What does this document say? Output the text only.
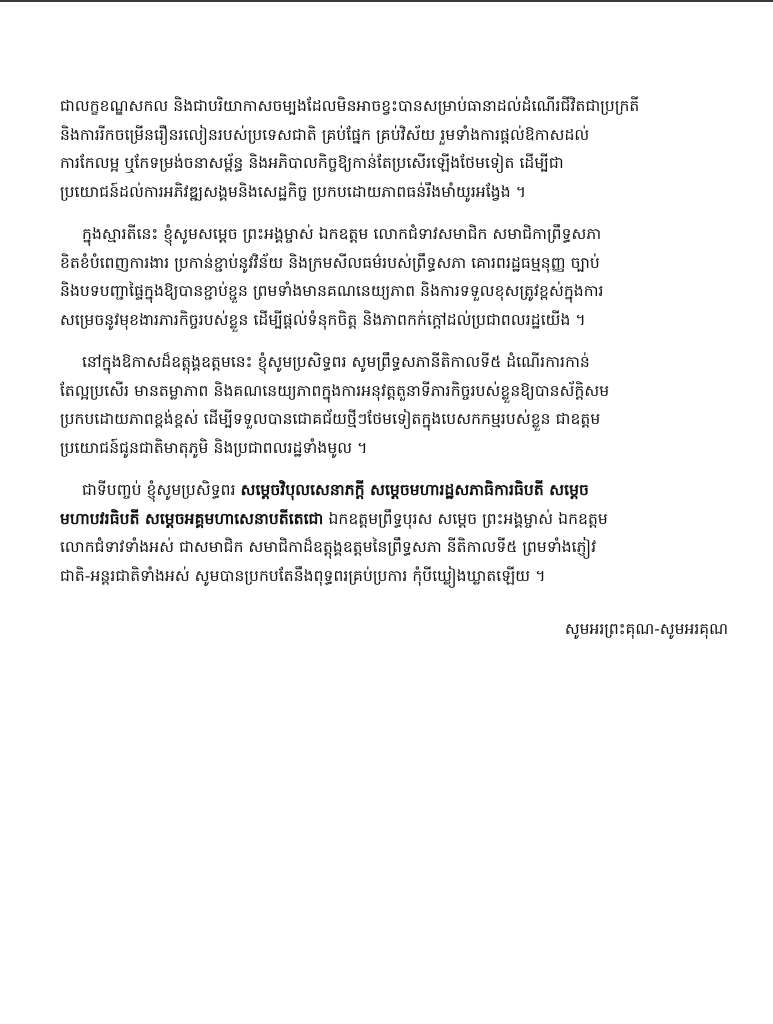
ជាលក្ខខណ្ឌសកល និងជាបរិយាកាសចម្បងដែលមិនអាចខ្វះបានសម្រាប់ធានាដល់ដំណើរជីវិតជាប្រក្រតី
និងការរីកចម្រើនរឿនរលៀនរបស់ប្រទេសជាតិ គ្រប់ផ្នែក គ្រប់វិស័យ រួមទាំងការផ្ដល់ឱកាសដល់
ការកែលម្អ ឬកែទម្រង់ចនាសម្ព័ន្ធ និងអភិបាលកិច្ចឱ្យកាន់តែប្រសើរឡើងថែមទៀត ដើម្បីជា
ប្រយោជន៍ដល់ការអភិវឌ្ឍសង្គមនិងសេដ្ឋកិច្ច ប្រកបដោយភាពធន់រឹងមាំយូរអង្វែង ។

ក្នុងស្មារតីនេះ ខ្ញុំសូមសម្ដេច ព្រះអង្គម្ចាស់ ឯកឧត្តម លោកជំទាវសមាជិក សមាជិកាព្រឹទ្ធសភា
ខិតខំបំពេញការងារ ប្រកាន់ខ្ជាប់នូវវិន័យ និងក្រមសីលធម៌របស់ព្រឹទ្ធសភា គោរពរដ្ឋធម្មនុញ្ញ ច្បាប់
និងបទបញ្ជាផ្ទៃក្នុងឱ្យបានខ្ជាប់ខ្ជួន ព្រមទាំងមានគណនេយ្យភាព និងការទទួលខុសត្រូវខ្ពស់ក្នុងការ
សម្រេចនូវមុខងារភារកិច្ចរបស់ខ្លួន ដើម្បីផ្ដល់ទំនុកចិត្ត និងភាពកក់ក្ដៅដល់ប្រជាពលរដ្ឋយើង ។

នៅក្នុងឱកាសដ៏ឧត្តុង្គឧត្តមនេះ ខ្ញុំសូមប្រសិទ្ធពរ សូមព្រឹទ្ធសភានីតិកាលទី៥ ដំណើរការកាន់
តែល្អប្រសើរ មានតម្លាភាព និងគណនេយ្យភាពក្នុងការអនុវត្តតួនាទីភារកិច្ចរបស់ខ្លួនឱ្យបានស័ក្តិសម
ប្រកបដោយភាពខ្ពង់ខ្ពស់ ដើម្បីទទួលបានជោគជ័យថ្មីៗថែមទៀតក្នុងបេសកកម្មរបស់ខ្លួន ជាឧត្តម
ប្រយោជន៍ជូនជាតិមាតុភូមិ និងប្រជាពលរដ្ឋទាំងមូល ។

ជាទីបញ្ចប់ ខ្ញុំសូមប្រសិទ្ធពរ សម្ដេចវិបុលសេនាភក្ដី សម្ដេចមហារដ្ឋសភាធិការធិបតី សម្ដេច
មហាបវរធិបតី សម្ដេចអគ្គមហាសេនាបតីតេជោ ឯកឧត្តមព្រឹទ្ធបុរស សម្ដេច ព្រះអង្គម្ចាស់ ឯកឧត្តម
លោកជំទាវទាំងអស់ ជាសមាជិក សមាជិកាដ៏ឧត្តុង្គឧត្តមនៃព្រឹទ្ធសភា នីតិកាលទី៥ ព្រមទាំងភ្ញៀវ
ជាតិ-អន្តរជាតិទាំងអស់ សូមបានប្រកបតែនឹងពុទ្ធពរគ្រប់ប្រការ កុំបីឃ្លៀងឃ្លាតឡើយ ។

សូមអរព្រះគុណ-សូមអរគុណ
